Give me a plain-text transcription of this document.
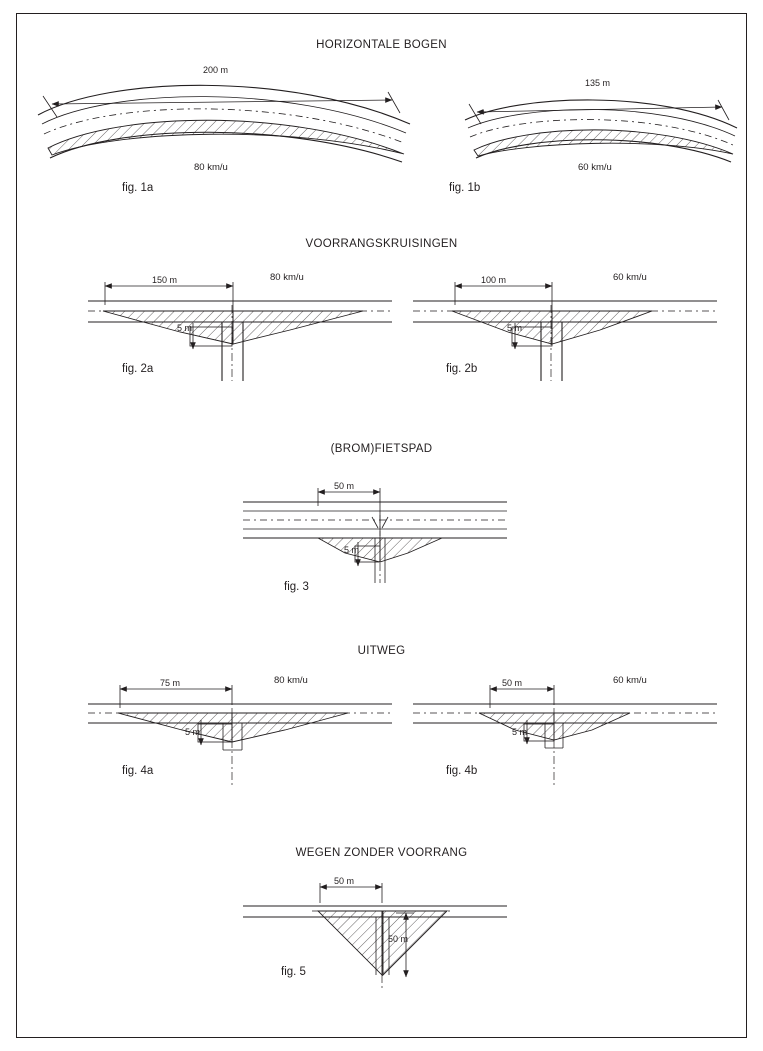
HORIZONTALE BOGEN
200 m
80 km/u
fig. 1a
135 m
60 km/u
fig. 1b
VOORRANGSKRUISINGEN
150 m
5 m
80 km/u
fig. 2a
100 m
5 m
60 km/u
fig. 2b
(BROM)FIETSPAD
50 m
5 m
fig. 3
UITWEG
75 m
5 m
80 km/u
fig. 4a
50 m
5 m
60 km/u
fig. 4b
WEGEN ZONDER VOORRANG
50 m
50 m
fig. 5
